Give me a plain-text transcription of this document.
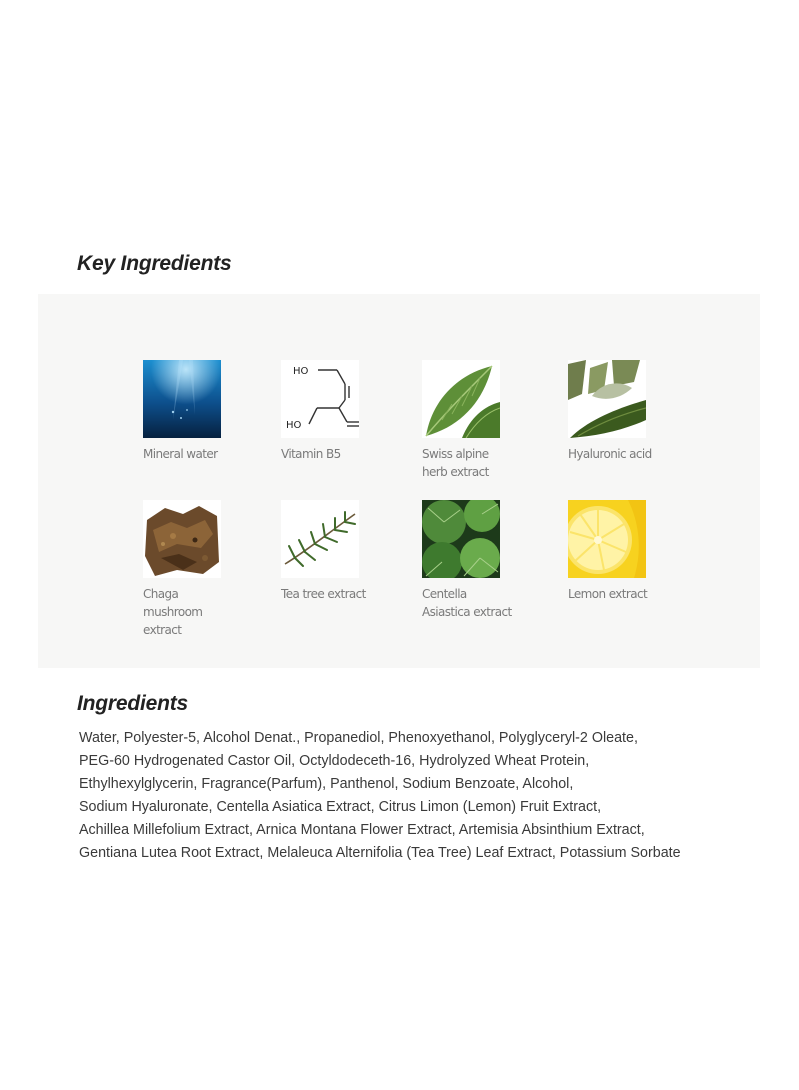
Key Ingredients
Mineral water
HO
HO
Vitamin B5	Swiss alpine
herb extract
Hyaluronic acid
Chaga
mushroom
extract
Tea tree extract	Centella
Asiastica extract
Lemon extract
Ingredients

Water, Polyester-5, Alcohol Denat., Propanediol, Phenoxyethanol, Polyglyceryl-2 Oleate,
PEG-60 Hydrogenated Castor Oil, Octyldodeceth-16, Hydrolyzed Wheat Protein,
Ethylhexylglycerin, Fragrance(Parfum), Panthenol, Sodium Benzoate, Alcohol,
Sodium Hyaluronate, Centella Asiatica Extract, Citrus Limon (Lemon) Fruit Extract,
Achillea Millefolium Extract, Arnica Montana Flower Extract, Artemisia Absinthium Extract,
Gentiana Lutea Root Extract, Melaleuca Alternifolia (Tea Tree) Leaf Extract, Potassium Sorbate
